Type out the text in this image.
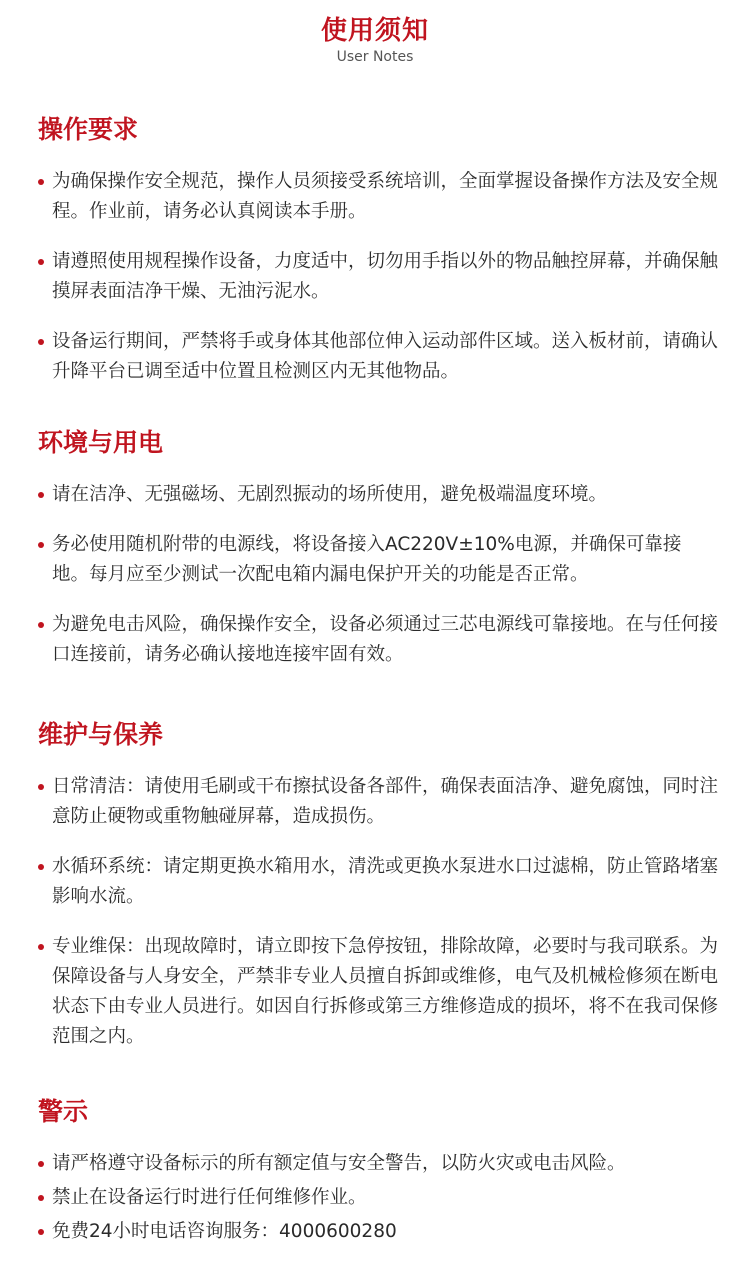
使用须知
User Notes
操作要求
为确保操作安全规范，操作人员须接受系统培训，全面掌握设备操作方法及安全规程。作业前，请务必认真阅读本手册。
请遵照使用规程操作设备，力度适中，切勿用手指以外的物品触控屏幕，并确保触摸屏表面洁净干燥、无油污泥水。
设备运行期间，严禁将手或身体其他部位伸入运动部件区域。送入板材前，请确认升降平台已调至适中位置且检测区内无其他物品。
环境与用电
请在洁净、无强磁场、无剧烈振动的场所使用，避免极端温度环境。
务必使用随机附带的电源线，将设备接入AC220V±10%电源，并确保可靠接地。每月应至少测试一次配电箱内漏电保护开关的功能是否正常。
为避免电击风险，确保操作安全，设备必须通过三芯电源线可靠接地。在与任何接口连接前，请务必确认接地连接牢固有效。
维护与保养
日常清洁：请使用毛刷或干布擦拭设备各部件，确保表面洁净、避免腐蚀，同时注意防止硬物或重物触碰屏幕，造成损伤。
水循环系统：请定期更换水箱用水，清洗或更换水泵进水口过滤棉，防止管路堵塞影响水流。
专业维保：出现故障时，请立即按下急停按钮，排除故障，必要时与我司联系。为保障设备与人身安全，严禁非专业人员擅自拆卸或维修，电气及机械检修须在断电状态下由专业人员进行。如因自行拆修或第三方维修造成的损坏，将不在我司保修范围之内。
警示
请严格遵守设备标示的所有额定值与安全警告，以防火灾或电击风险。
禁止在设备运行时进行任何维修作业。
免费24小时电话咨询服务：4000600280
